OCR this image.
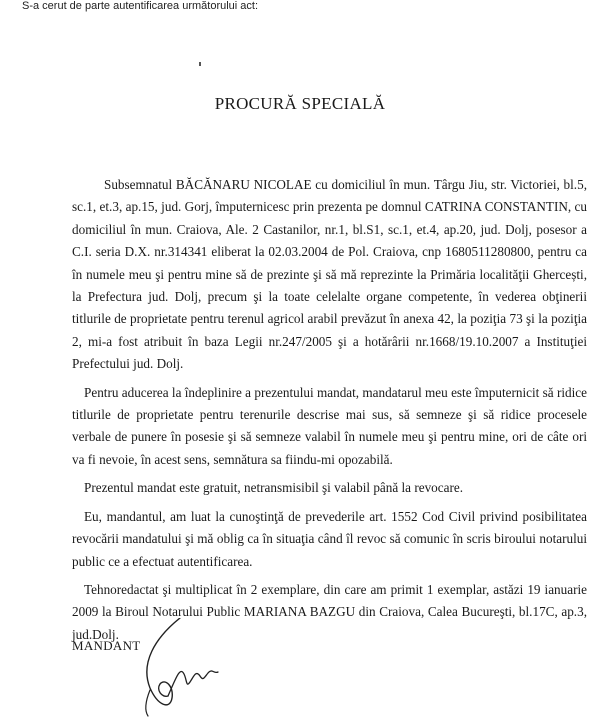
S-a cerut de parte autentificarea următorului act:
PROCURĂ SPECIALĂ

Subsemnatul BĂCĂNARU NICOLAE cu domiciliul în mun. Târgu Jiu, str. Victoriei, bl.5, sc.1, et.3, ap.15, jud. Gorj, împuternicesc prin prezenta pe domnul CATRINA CONSTANTIN, cu domiciliul în mun. Craiova, Ale. 2 Castanilor, nr.1, bl.S1, sc.1, et.4, ap.20, jud. Dolj, posesor a C.I. seria D.X. nr.314341 eliberat la 02.03.2004 de Pol. Craiova, cnp 1680511280800, pentru ca în numele meu şi pentru mine să de prezinte şi să mă reprezinte la Primăria localităţii Ghercești, la Prefectura jud. Dolj, precum şi la toate celelalte organe competente, în vederea obţinerii titlurile de proprietate pentru terenul agricol arabil prevăzut în anexa 42, la poziţia 73 şi la poziţia 2, mi-a fost atribuit în baza Legii nr.247/2005 şi a hotărârii nr.1668/19.10.2007 a Instituţiei Prefectului jud. Dolj.

Pentru aducerea la îndeplinire a prezentului mandat, mandatarul meu este împuternicit să ridice titlurile de proprietate pentru terenurile descrise mai sus, să semneze şi să ridice procesele verbale de punere în posesie şi să semneze valabil în numele meu şi pentru mine, ori de câte ori va fi nevoie, în acest sens, semnătura sa fiindu-mi opozabilă.

Prezentul mandat este gratuit, netransmisibil şi valabil până la revocare.

Eu, mandantul, am luat la cunoştinţă de prevederile art. 1552 Cod Civil privind posibilitatea revocării mandatului şi mă oblig ca în situaţia când îl revoc să comunic în scris biroului notarului public ce a efectuat autentificarea.

Tehnoredactat şi multiplicat în 2 exemplare, din care am primit 1 exemplar, astăzi 19 ianuarie 2009 la Biroul Notarului Public MARIANA BAZGU din Craiova, Calea Bucureşti, bl.17C, ap.3, jud.Dolj.

MANDANT
